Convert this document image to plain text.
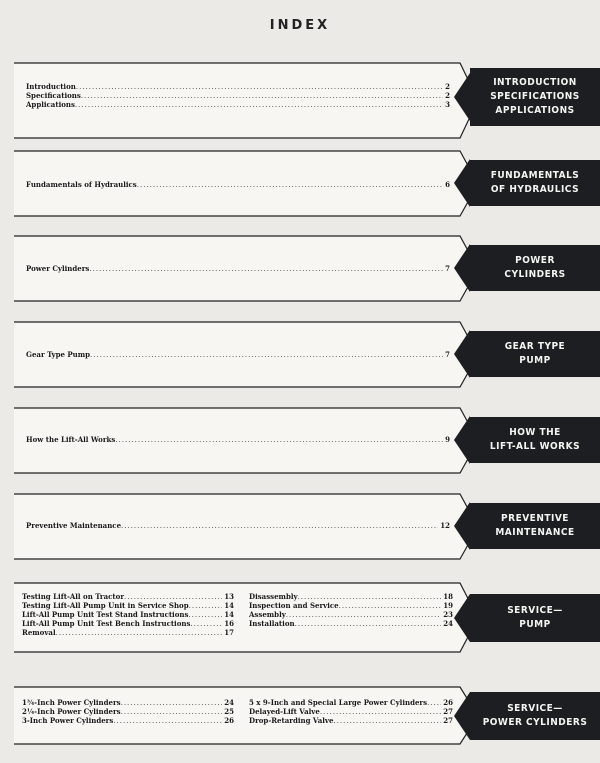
INDEX
Introduction .....	2
Specifications .....	2
Applications .....	3
INTRODUCTION
SPECIFICATIONS
APPLICATIONS
Fundamentals of Hydraulics .....	6
FUNDAMENTALS
OF HYDRAULICS
Power Cylinders .....	7
POWER
CYLINDERS
Gear Type Pump .....	7
GEAR TYPE
PUMP
How the Lift-All Works .....	9
HOW THE
LIFT-ALL WORKS
Preventive Maintenance .....	12
PREVENTIVE
MAINTENANCE
Testing Lift-All on Tractor .....	13
Testing Lift-All Pump Unit in Service Shop .....	14
Lift-All Pump Unit Test Stand Instructions .....	14
Lift-All Pump Unit Test Bench Instructions .....	16
Removal .....	17
Disassembly .....	18
Inspection and Service .....	19
Assembly .....	23
Installation .....	24
SERVICE—
PUMP
1¾-Inch Power Cylinders .....	24
2¼-Inch Power Cylinders .....	25
3-Inch Power Cylinders .....	26
5 x 9-Inch and Special Large Power Cylinders ..... 26
Delayed-Lift Valve .....	27
Drop-Retarding Valve .....	27
SERVICE—
POWER CYLINDERS
